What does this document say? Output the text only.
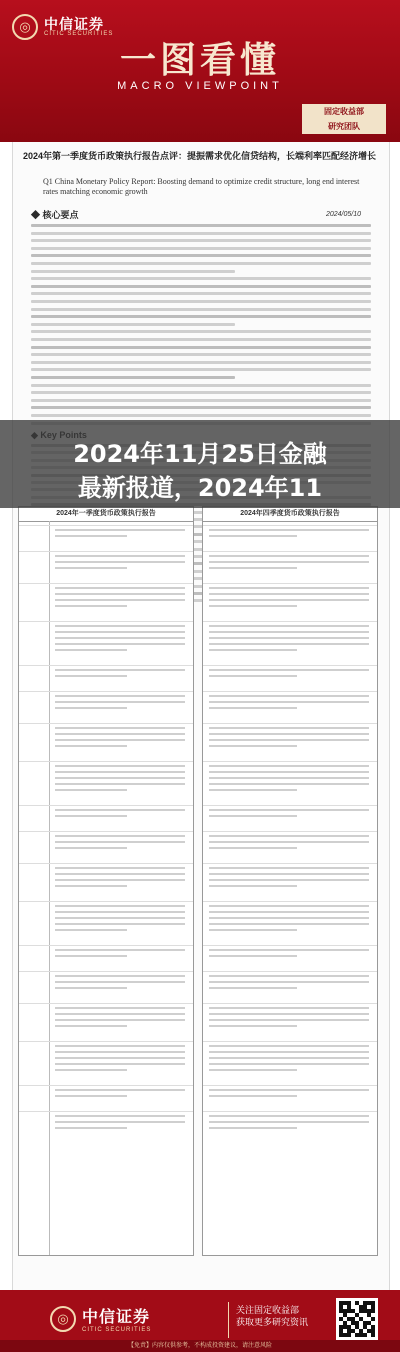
◎ 中信证券
CITIC SECURITIES
一图看懂
MACRO VIEWPOINT
固定收益部
研究团队
2024年第一季度货币政策执行报告点评：提振需求优化信贷结构，长端利率匹配经济增长
Q1 China Monetary Policy Report: Boosting demand to optimize credit structure, long end interest rates matching economic growth
◆ 核心要点	2024/05/10
2024年一季度货币政策执行报告	2024年四季度货币政策执行报告
2024年11月25日金融
最新报道，2024年11
◎ 中信证券
CITIC SECURITIES
关注固定收益部
获取更多研究资讯
【免责】内容仅供参考，不构成投资建议，请注意风险
